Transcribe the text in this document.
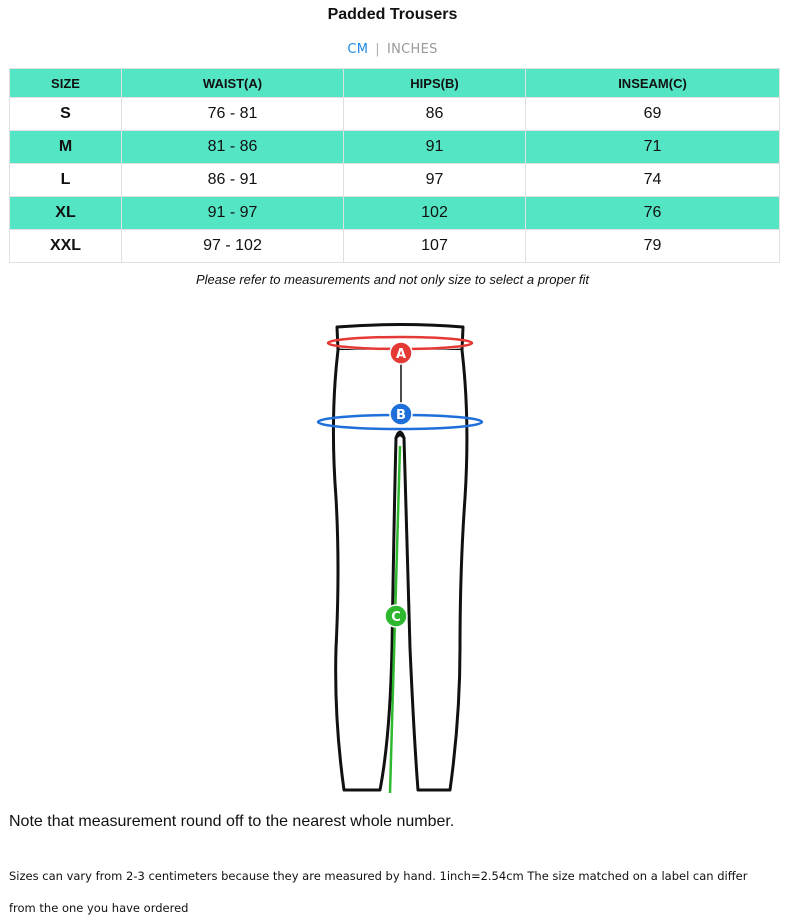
Padded Trousers
CM | INCHES
SIZE	WAIST(A)	HIPS(B)	INSEAM(C)
S	76 - 81	86	69
M	81 - 86	91	71
L	86 - 91	97	74
XL	91 - 97	102	76
XXL	97 - 102	107	79
Please refer to measurements and not only size to select a proper fit
A
B
C
Note that measurement round off to the nearest whole number.
Sizes can vary from 2-3 centimeters because they are measured by hand. 1inch=2.54cm The size matched on a label can differ from the one you have ordered
